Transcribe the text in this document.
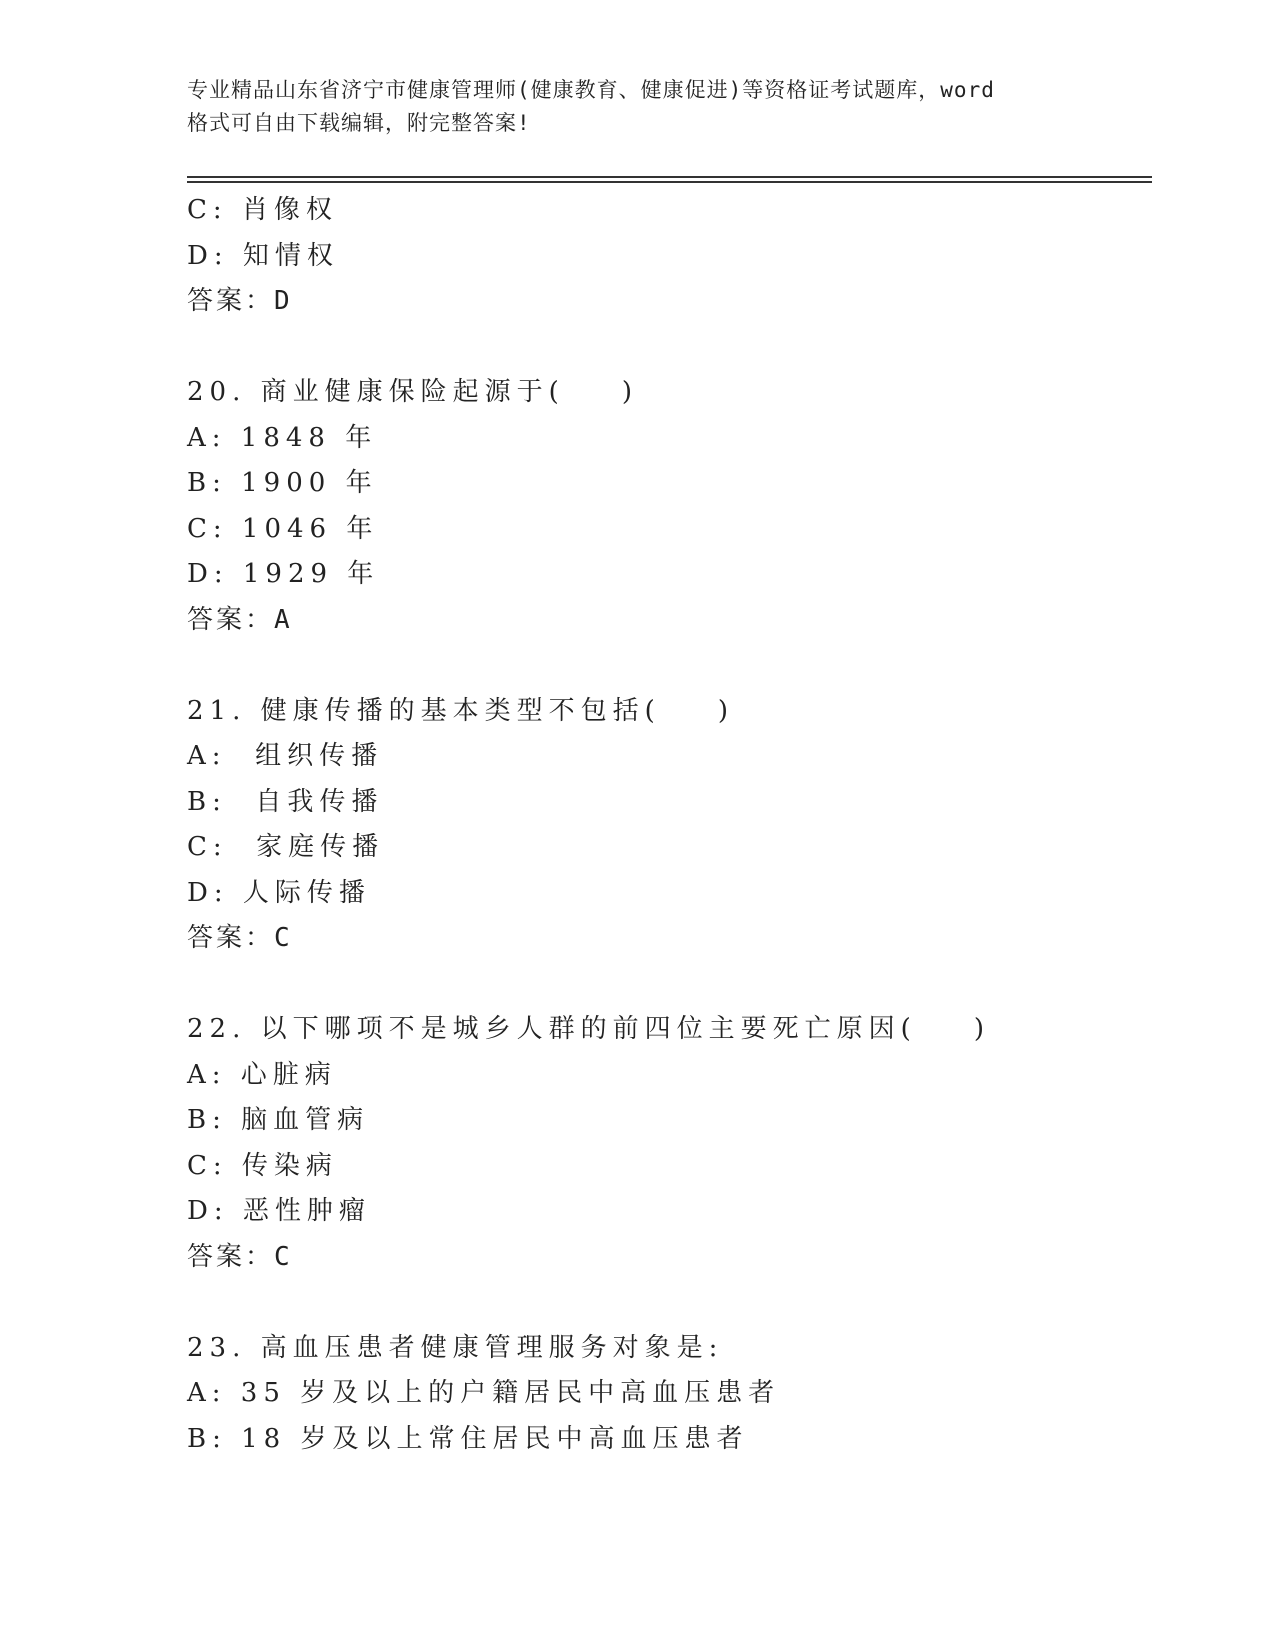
专业精品山东省济宁市健康管理师(健康教育、健康促进)等资格证考试题库，word
格式可自由下载编辑，附完整答案!
C: 肖像权
D: 知情权
答案：D
20. 商业健康保险起源于(    )
A: 1848 年
B: 1900 年
C: 1046 年
D: 1929 年
答案：A
21. 健康传播的基本类型不包括(    )
A:  组织传播
B:  自我传播
C:  家庭传播
D: 人际传播
答案：C
22. 以下哪项不是城乡人群的前四位主要死亡原因(    )
A: 心脏病
B: 脑血管病
C: 传染病
D: 恶性肿瘤
答案：C
23. 高血压患者健康管理服务对象是:
A: 35 岁及以上的户籍居民中高血压患者
B: 18 岁及以上常住居民中高血压患者
